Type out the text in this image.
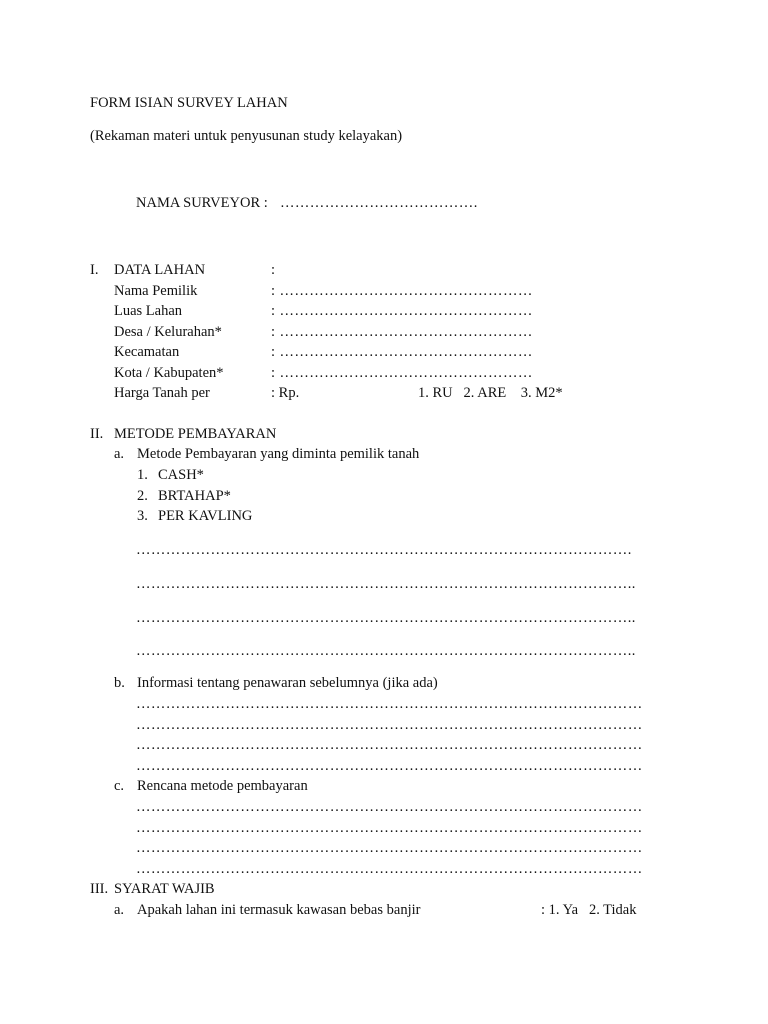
FORM ISIAN SURVEY LAHAN
(Rekaman materi untuk penyusunan study kelayakan)
NAMA SURVEYOR : ………………………………….
I. DATA LAHAN	:
Nama Pemilik	: ……………………………………………
Luas Lahan	: ……………………………………………
Desa / Kelurahan*	: ……………………………………………
Kecamatan	: ……………………………………………
Kota / Kabupaten*	: ……………………………………………
Harga Tanah per	: Rp.	1. RU   2. ARE    3. M2*
II. METODE PEMBAYARAN
a. Metode Pembayaran yang diminta pemilik tanah
1. CASH*
2. BRTAHAP*
3. PER KAVLING
……………………………………………………………………………………….
………………………………………………………………………………………..
………………………………………………………………………………………..
………………………………………………………………………………………..
b. Informasi tentang penawaran sebelumnya (jika ada)
…………………………………………………………………………………………
…………………………………………………………………………………………
…………………………………………………………………………………………
…………………………………………………………………………………………
c. Rencana metode pembayaran
…………………………………………………………………………………………
…………………………………………………………………………………………
…………………………………………………………………………………………
…………………………………………………………………………………………
III. SYARAT WAJIB
a. Apakah lahan ini termasuk kawasan bebas banjir	: 1. Ya   2. Tidak
